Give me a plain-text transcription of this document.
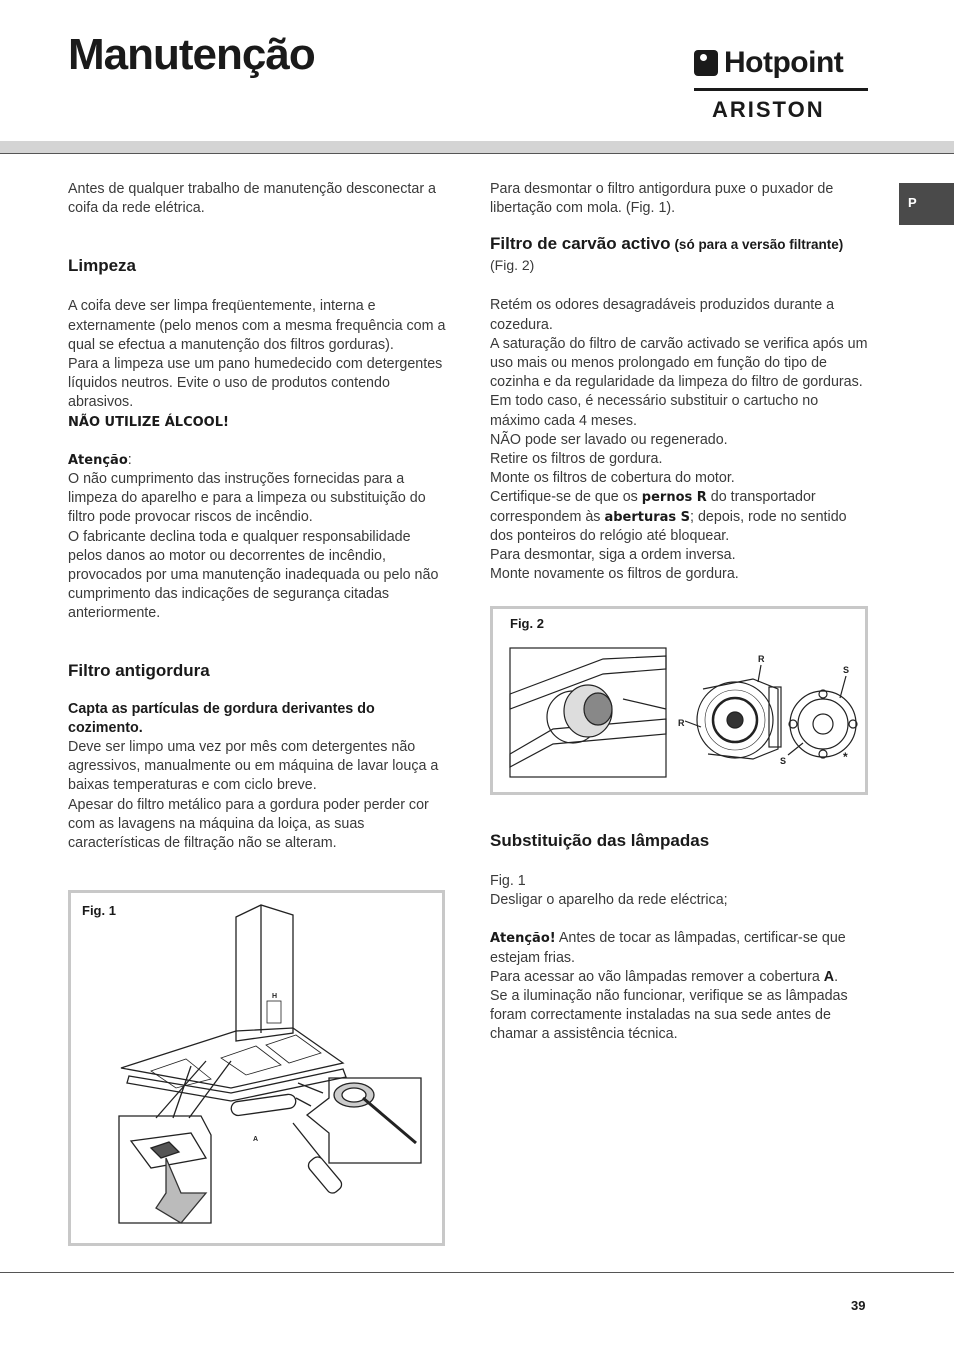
Manutenção	Hotpoint
ARISTON
P

Antes de qualquer trabalho de manutenção desconectar a coifa da rede elétrica.

Limpeza

A coifa deve ser limpa freqüentemente, interna e externamente (pelo menos com a mesma frequência com a qual se efectua a manutenção dos filtros gorduras).

Para a limpeza use um pano humedecido com detergentes líquidos neutros. Evite o uso de produtos contendo abrasivos.

NÃO UTILIZE ÁLCOOL!

Atenção:

O não cumprimento das instruções fornecidas para a limpeza do aparelho e para a limpeza ou substituição do filtro pode provocar riscos de incêndio.

O fabricante declina toda e qualquer responsabilidade pelos danos ao motor ou decorrentes de incêndio, provocados por uma manutenção inadequada ou pelo não cumprimento das indicações de segurança citadas anteriormente.

Filtro antigordura

Capta as partículas de gordura derivantes do cozimento.

Deve ser limpo uma vez por mês com detergentes não agressivos, manualmente ou em máquina de lavar louça a baixas temperaturas e com ciclo breve.

Apesar do filtro metálico para a gordura poder perder cor com as lavagens na máquina da loiça, as suas características de filtração não se alteram.

Fig. 1
H
A

Para desmontar o filtro antigordura puxe o puxador de libertação com mola. (Fig. 1).

Filtro de carvão activo (só para a versão filtrante) (Fig. 2)

Retém os odores desagradáveis produzidos durante a cozedura.

A saturação do filtro de carvão activado se verifica após um uso mais ou menos prolongado em função do tipo de cozinha e da regularidade da limpeza do filtro de gorduras. Em todo caso, é necessário substituir o cartucho no máximo cada 4 meses.

NÃO pode ser lavado ou regenerado.

Retire os filtros de gordura.

Monte os filtros de cobertura do motor.

Certifique-se de que os pernos R do transportador correspondem às aberturas S; depois, rode no sentido dos ponteiros do relógio até bloquear.

Para desmontar, siga a ordem inversa.

Monte novamente os filtros de gordura.

Fig. 2
R
R
S
S	*
Substituição das lâmpadas

Fig. 1

Desligar o aparelho da rede eléctrica;

Atenção! Antes de tocar as lâmpadas, certificar-se que estejam frias.

Para acessar ao vão lâmpadas remover a cobertura A.

Se a iluminação não funcionar, verifique se as lâmpadas foram correctamente instaladas na sua sede antes de chamar a assistência técnica.

39
